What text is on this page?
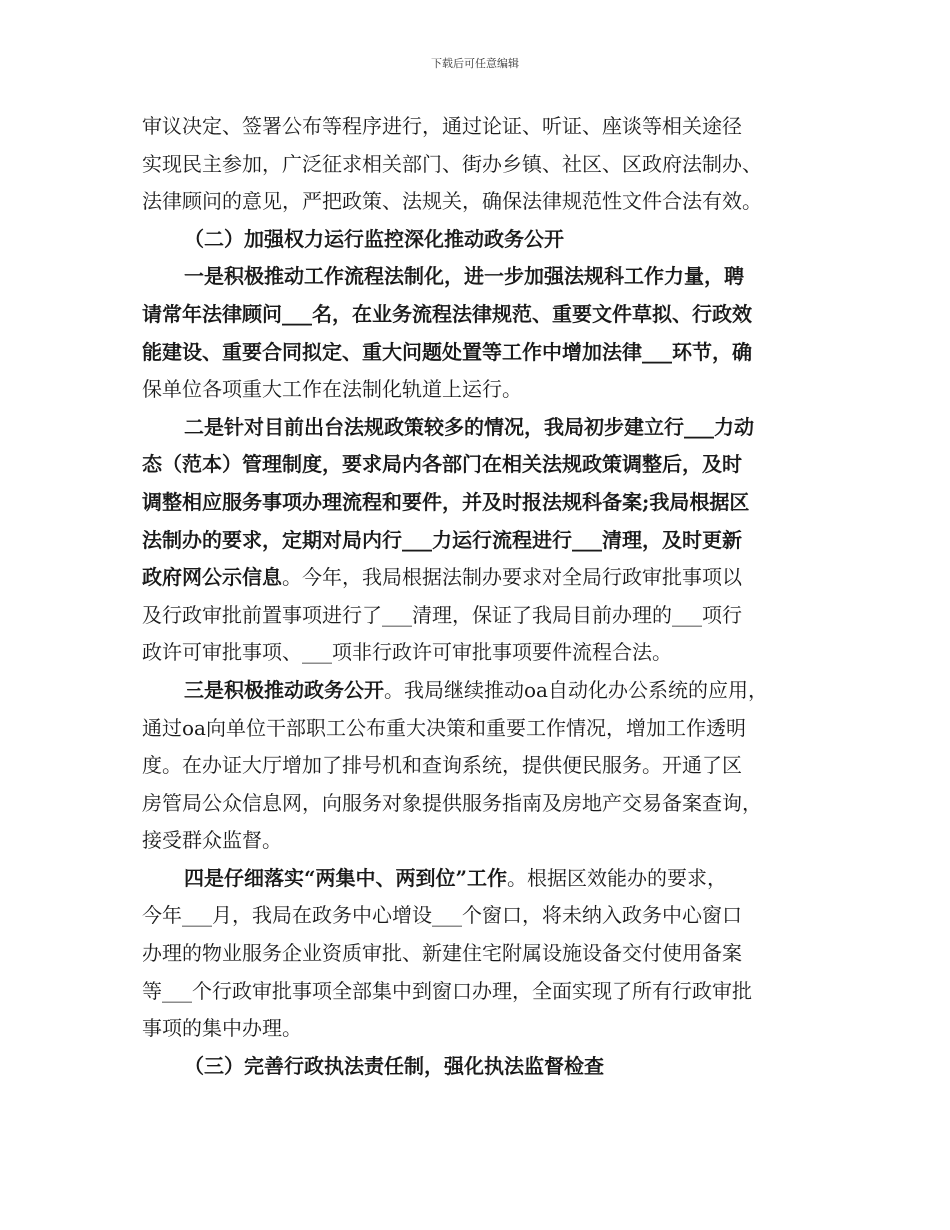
下载后可任意编辑
审议决定、签署公布等程序进行，通过论证、听证、座谈等相关途径
实现民主参加，广泛征求相关部门、街办乡镇、社区、区政府法制办、
法律顾问的意见，严把政策、法规关，确保法律规范性文件合法有效。
（二）加强权力运行监控深化推动政务公开
一是积极推动工作流程法制化，进一步加强法规科工作力量，聘
请常年法律顾问___名，在业务流程法律规范、重要文件草拟、行政效
能建设、重要合同拟定、重大问题处置等工作中增加法律___环节，确
保单位各项重大工作在法制化轨道上运行。
二是针对目前出台法规政策较多的情况，我局初步建立行___力动
态（范本）管理制度，要求局内各部门在相关法规政策调整后，及时
调整相应服务事项办理流程和要件，并及时报法规科备案;我局根据区
法制办的要求，定期对局内行___力运行流程进行___清理，及时更新
政府网公示信息。今年，我局根据法制办要求对全局行政审批事项以
及行政审批前置事项进行了___清理，保证了我局目前办理的___项行
政许可审批事项、___项非行政许可审批事项要件流程合法。
三是积极推动政务公开。我局继续推动oa自动化办公系统的应用，
通过oa向单位干部职工公布重大决策和重要工作情况，增加工作透明
度。在办证大厅增加了排号机和查询系统，提供便民服务。开通了区
房管局公众信息网，向服务对象提供服务指南及房地产交易备案查询，
接受群众监督。
四是仔细落实“两集中、两到位”工作。根据区效能办的要求，
今年___月，我局在政务中心增设___个窗口，将未纳入政务中心窗口
办理的物业服务企业资质审批、新建住宅附属设施设备交付使用备案
等___个行政审批事项全部集中到窗口办理，全面实现了所有行政审批
事项的集中办理。
（三）完善行政执法责任制，强化执法监督检查
